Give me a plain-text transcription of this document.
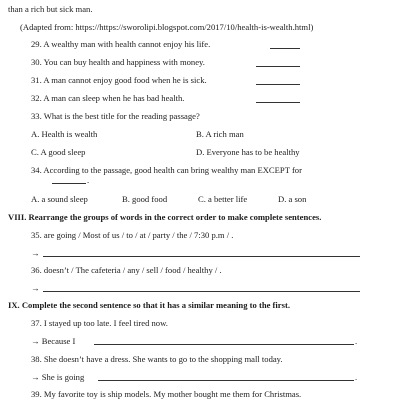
than a rich but sick man.
(Adapted from: https://https://sworolipi.blogspot.com/2017/10/health-is-wealth.html)
29. A wealthy man with health cannot enjoy his life.
30. You can buy health and happiness with money.
31. A man cannot enjoy good food when he is sick.
32. A man can sleep when he has bad health.
33. What is the best title for the reading passage?
A. Health is wealth	B. A rich man
C. A good sleep	D. Everyone has to be healthy
34. According to the passage, good health can bring wealthy man EXCEPT for
.
A. a sound sleep	B. good food	C. a better life	D. a son
VIII. Rearrange the groups of words in the correct order to make complete sentences.
35. are going / Most of us / to / at / party / the / 7:30 p.m / .
→
36. doesn’t / The cafeteria / any / sell / food / healthy / .
→
IX. Complete the second sentence so that it has a similar meaning to the first.
37. I stayed up too late. I feel tired now.
→ Because I	.
38. She doesn’t have a dress. She wants to go to the shopping mall today.
→ She is going	.
39. My favorite toy is ship models. My mother bought me them for Christmas.
